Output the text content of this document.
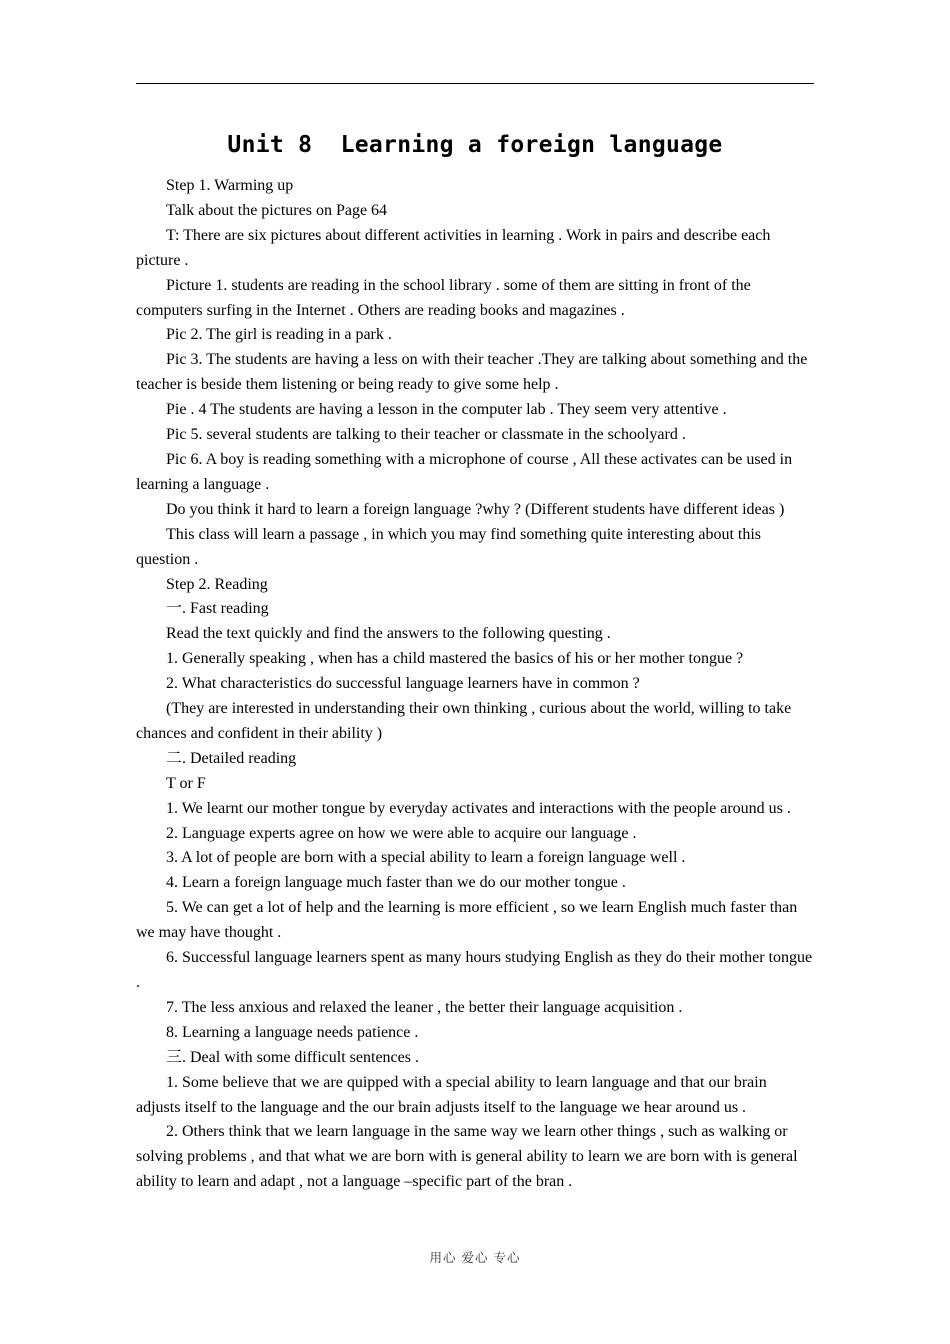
Unit 8  Learning a foreign language

Step 1. Warming up

Talk about the pictures on Page 64

T: There are six pictures about different activities in learning . Work in pairs and describe each picture .

Picture 1. students are reading in the school library . some of them are sitting in front of the computers surfing in the Internet . Others are reading books and magazines .

Pic 2. The girl is reading in a park .

Pic 3. The students are having a less on with their teacher .They are talking about something and the teacher is beside them listening or being ready to give some help .

Pie . 4 The students are having a lesson in the computer lab . They seem very attentive .

Pic 5. several students are talking to their teacher or classmate in the schoolyard .

Pic 6. A boy is reading something with a microphone of course , All these activates can be used in learning a language .

Do you think it hard to learn a foreign language ?why ? (Different students have different ideas )

This class will learn a passage , in which you may find something quite interesting about this question .

Step 2. Reading

一. Fast reading

Read the text quickly and find the answers to the following questing .

1. Generally speaking , when has a child mastered the basics of his or her mother tongue ?

2. What characteristics do successful language learners have in common ?

(They are interested in understanding their own thinking , curious about the world, willing to take chances and confident in their ability )

二. Detailed reading

T or F

1. We learnt our mother tongue by everyday activates and interactions with the people around us .

2. Language experts agree on how we were able to acquire our language .

3. A lot of people are born with a special ability to learn a foreign language well .

4. Learn a foreign language much faster than we do our mother tongue .

5. We can get a lot of help and the learning is more efficient , so we learn English much faster than we may have thought .

6. Successful language learners spent as many hours studying English as they do their mother tongue .

7. The less anxious and relaxed the leaner , the better their language acquisition .

8. Learning a language needs patience .

三. Deal with some difficult sentences .

1. Some believe that we are quipped with a special ability to learn language and that our brain adjusts itself to the language and the our brain adjusts itself to the language we hear around us .

2. Others think that we learn language in the same way we learn other things , such as walking or solving problems , and that what we are born with is general ability to learn we are born with is general ability to learn and adapt , not a language –specific part of the bran .

用心 爱心 专心
